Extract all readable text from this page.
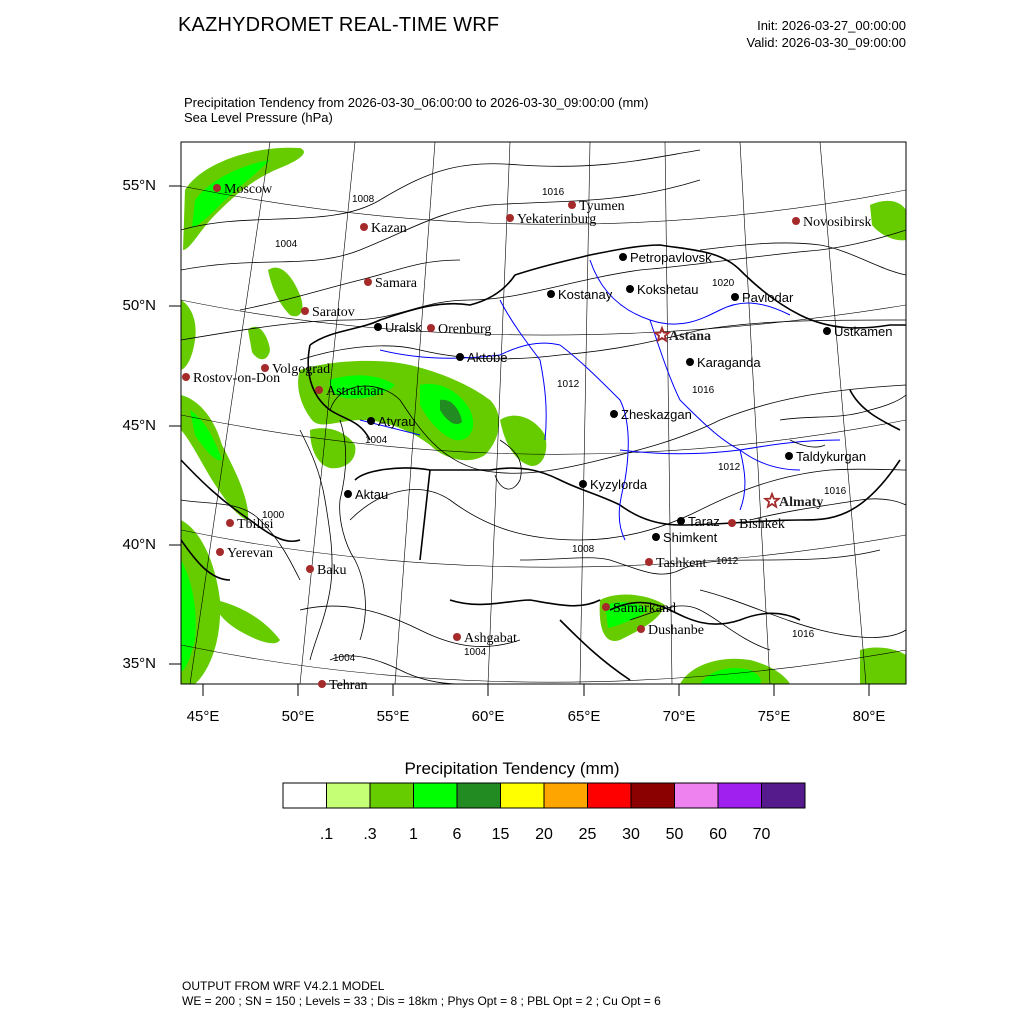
KAZHYDROMET REAL-TIME WRF	Init: 2026-03-27_00:00:00
Valid: 2026-03-30_09:00:00
Precipitation Tendency from 2026-03-30_06:00:00 to 2026-03-30_09:00:00 (mm)
Sea Level Pressure (hPa)
1008
1016
1004
1020
1012
1016
1004
1000
1012
1016
1008
1012
1016
1004
1004
Moscow
Kazan
Tyumen
Yekaterinburg	Novosibirsk
Samara
Saratov
Orenburg
Volgograd
Rostov-on-Don
Astrakhan
Tbilisi
Yerevan
Baku
Ashgabat
Tehran
Samarkand
Dushanbe
Tashkent
Bishkek
Petropavlovsk
Kostanay Kokshetau
Pavlodar
Ustkamen
Uralsk
Aktobe	Karaganda
Atyrau	Zheskazgan
Aktau
Kyzylorda
Taldykurgan
Taraz
Shimkent
Astana
Almaty
55°N
50°N
45°N
40°N
35°N
45°E	50°E	55°E	60°E	65°E	70°E	75°E	80°E
Precipitation Tendency (mm)
.1	.3	1	6	15	20	25	30	50	60	70
OUTPUT FROM WRF V4.2.1 MODEL
WE = 200 ; SN = 150 ; Levels = 33 ; Dis = 18km ; Phys Opt = 8 ; PBL Opt = 2 ; Cu Opt = 6
